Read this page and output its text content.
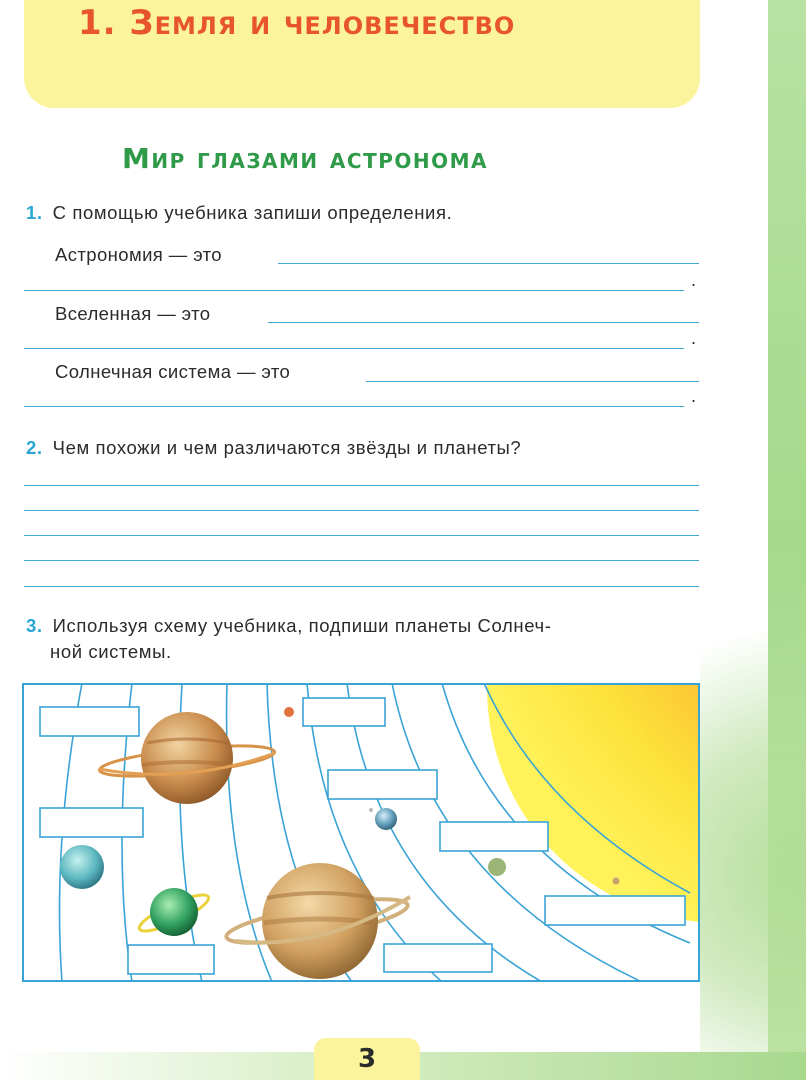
1. Земля и человечество
Мир глазами астронома
1. С помощью учебника запиши определения.
Астрономия — это
.
Вселенная — это
.
Солнечная система — это
.
2. Чем похожи и чем различаются звёзды и планеты?
3. Используя схему учебника, подпиши планеты Солнеч-
ной системы.
3
